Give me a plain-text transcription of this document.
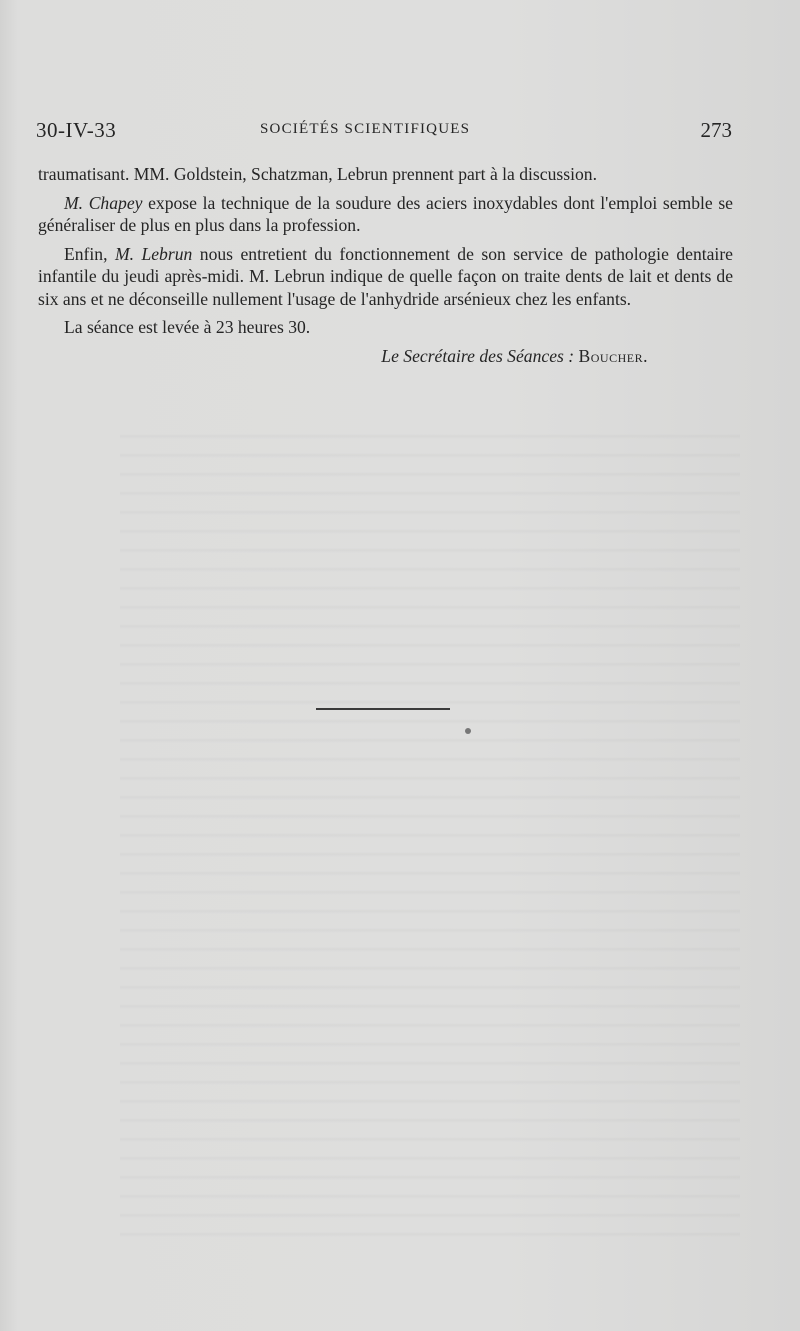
30-IV-33	SOCIÉTÉS SCIENTIFIQUES	273

traumatisant. MM. Goldstein, Schatzman, Lebrun prennent part à la discussion.

M. Chapey expose la technique de la soudure des aciers inoxydables dont l'emploi semble se généraliser de plus en plus dans la profession.

Enfin, M. Lebrun nous entretient du fonctionnement de son service de pathologie dentaire infantile du jeudi après-midi. M. Lebrun indique de quelle façon on traite dents de lait et dents de six ans et ne déconseille nullement l'usage de l'anhydride arsénieux chez les enfants.

La séance est levée à 23 heures 30.

Le Secrétaire des Séances : Boucher.
